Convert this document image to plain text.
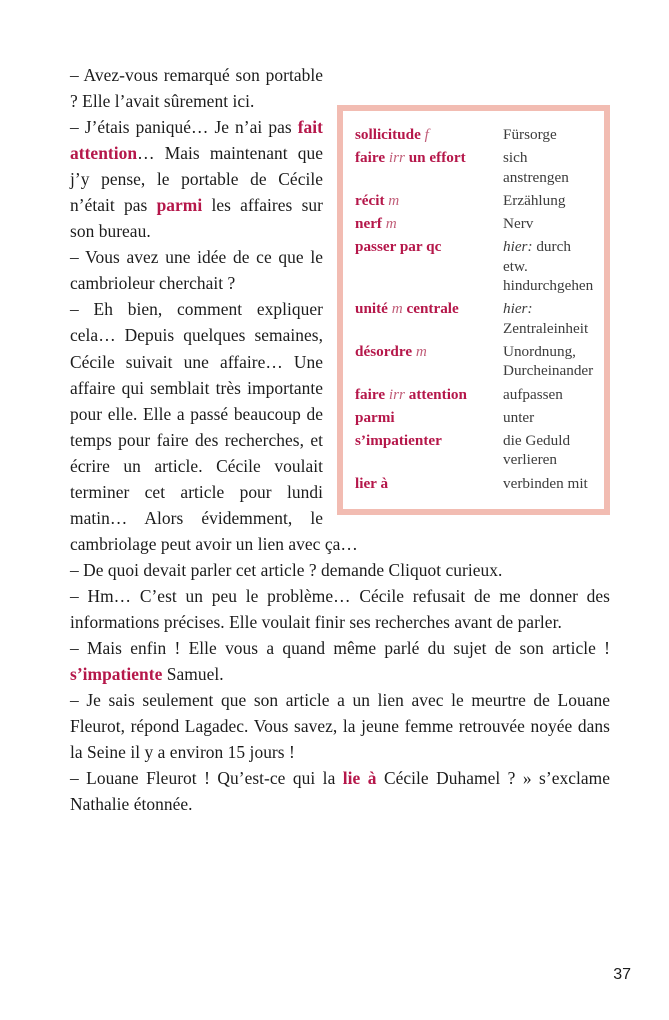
sollicitude f	Fürsorge
faire irr un effort	sich anstrengen
récit m	Erzählung
nerf m	Nerv
passer par qc	hier: durch etw. hindurchgehen
unité m centrale	hier: Zentraleinheit
désordre m	Unordnung, Durcheinander
faire irr attention	aufpassen
parmi	unter
s’impatienter	die Geduld verlieren
lier à	verbinden mit
– Avez-vous remarqué son portable ? Elle l’avait sûrement ici.
– J’étais paniqué… Je n’ai pas fait attention… Mais maintenant que j’y pense, le portable de Cécile n’était pas parmi les affaires sur son bureau.
– Vous avez une idée de ce que le cambrioleur cherchait ?
– Eh bien, comment expliquer cela… Depuis quelques semaines, Cécile suivait une affaire… Une affaire qui semblait très importante pour elle. Elle a passé beaucoup de temps pour faire des recherches, et écrire un article. Cécile voulait terminer cet article pour lundi matin… Alors évidemment, le cambriolage peut avoir un lien avec ça…
– De quoi devait parler cet article ? demande Cliquot curieux.
– Hm… C’est un peu le problème… Cécile refusait de me donner des informations précises. Elle voulait finir ses recherches avant de parler.
– Mais enfin ! Elle vous a quand même parlé du sujet de son article ! s’impatiente Samuel.
– Je sais seulement que son article a un lien avec le meurtre de Louane Fleurot, répond Lagadec. Vous savez, la jeune femme retrouvée noyée dans la Seine il y a environ 15 jours !
– Louane Fleurot ! Qu’est-ce qui la lie à Cécile Duhamel ? » s’exclame Nathalie étonnée.
37
